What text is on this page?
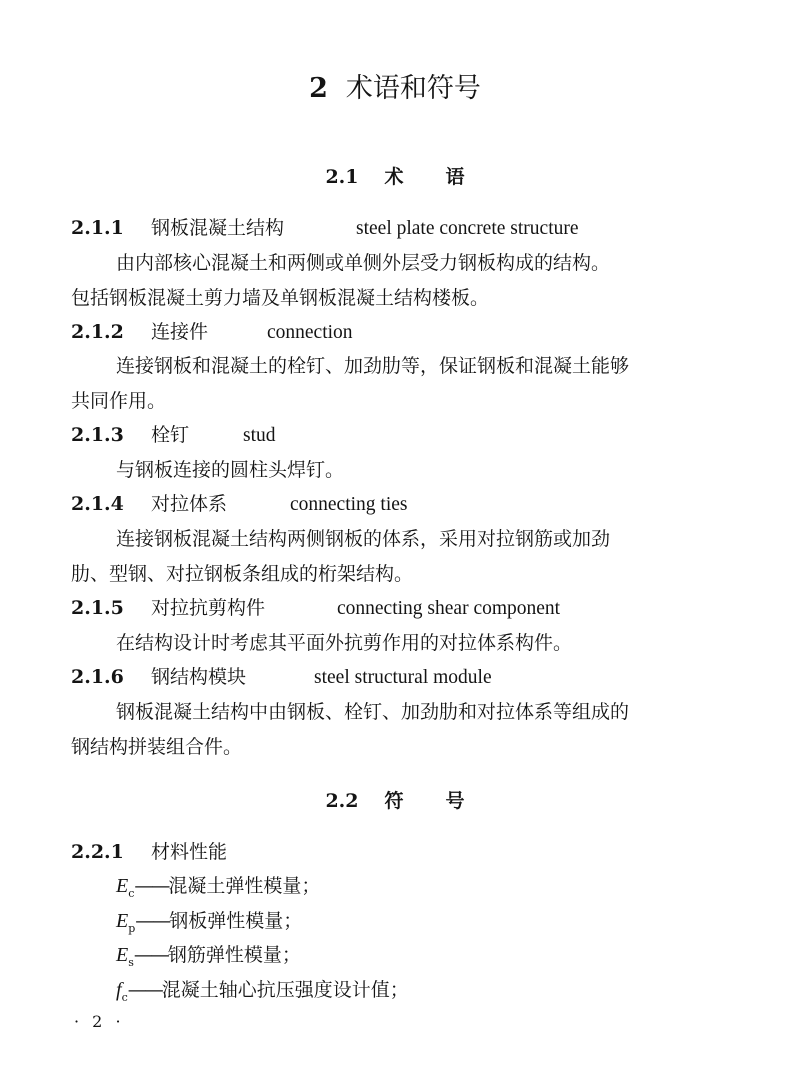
2 术语和符号
2.1 术 语
2.1.1 钢板混凝土结构	steel plate concrete structure
由内部核心混凝土和两侧或单侧外层受力钢板构成的结构。
包括钢板混凝土剪力墙及单钢板混凝土结构楼板。
2.1.2 连接件	connection
连接钢板和混凝土的栓钉、加劲肋等，保证钢板和混凝土能够
共同作用。
2.1.3 栓钉	stud
与钢板连接的圆柱头焊钉。
2.1.4 对拉体系	connecting ties
连接钢板混凝土结构两侧钢板的体系，采用对拉钢筋或加劲
肋、型钢、对拉钢板条组成的桁架结构。
2.1.5 对拉抗剪构件	connecting shear component
在结构设计时考虑其平面外抗剪作用的对拉体系构件。
2.1.6 钢结构模块	steel structural module
钢板混凝土结构中由钢板、栓钉、加劲肋和对拉体系等组成的
钢结构拼装组合件。
2.2 符 号
2.2.1 材料性能
$E_c——$混凝土弹性模量；
$E_p——$钢板弹性模量；
$E_s——$钢筋弹性模量；
$f_c——$混凝土轴心抗压强度设计值；
· 2 ·
